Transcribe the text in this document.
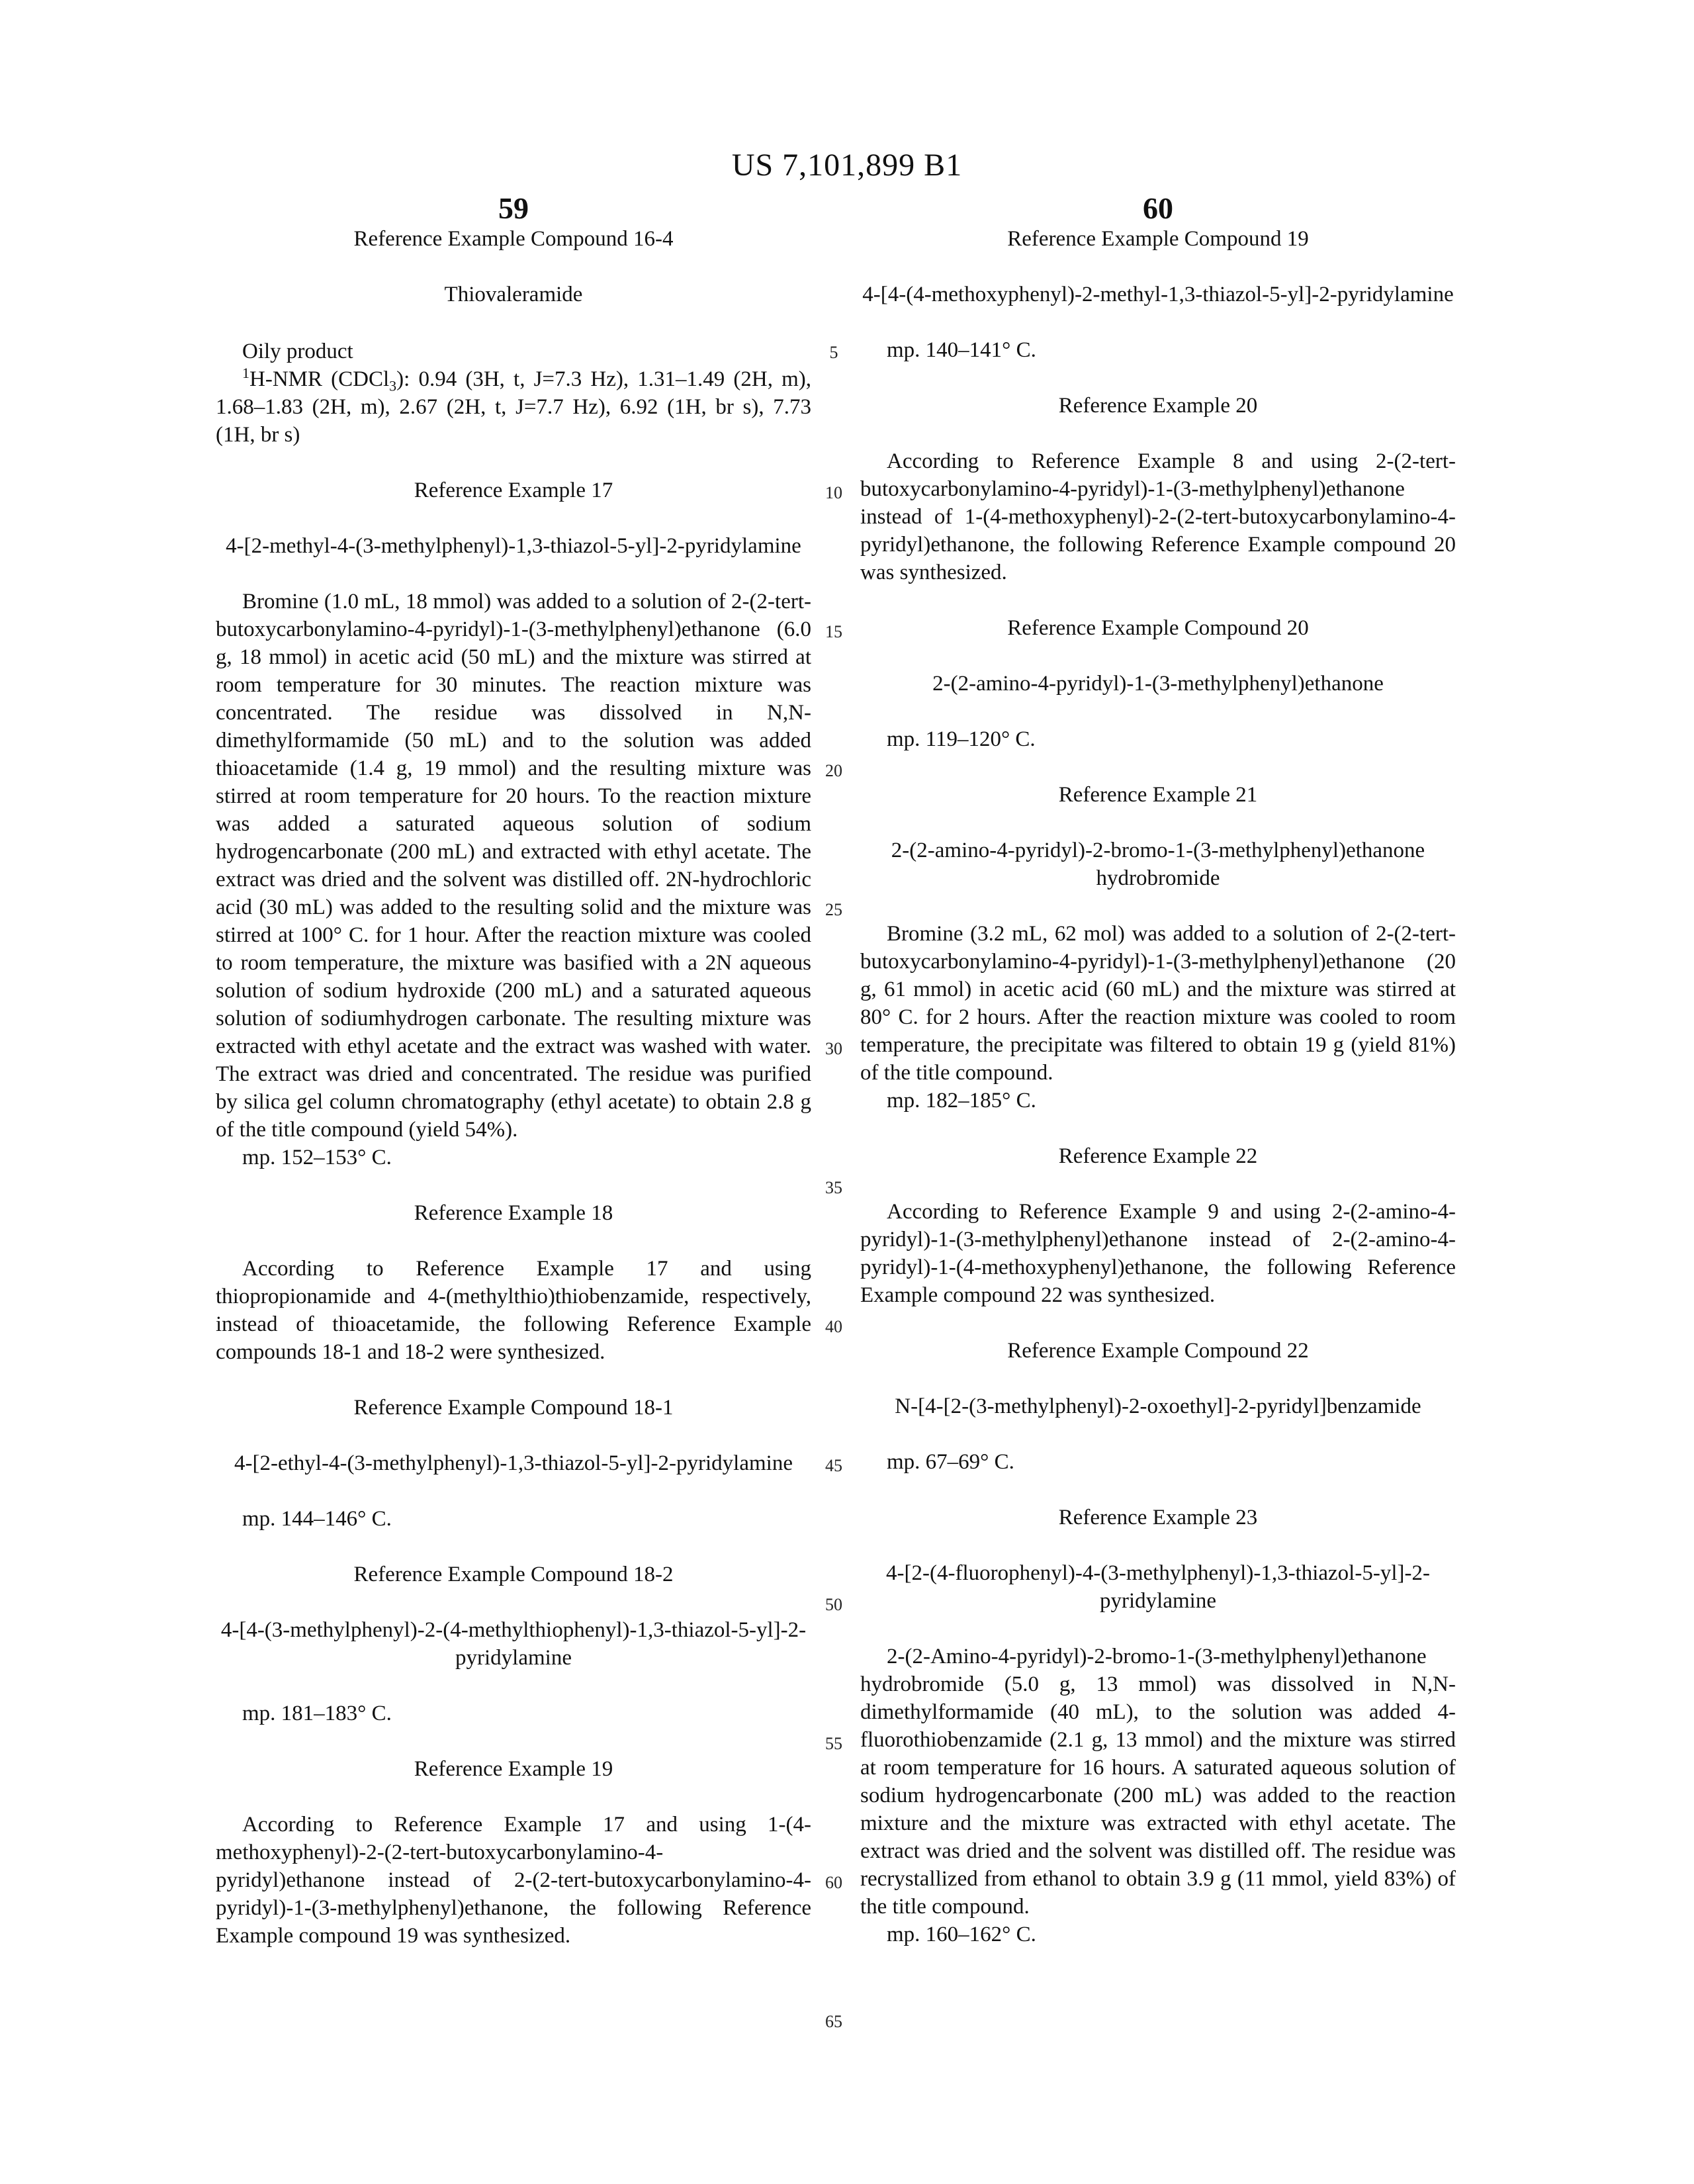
US 7,101,899 B1
59	60

Reference Example Compound 16-4

Thiovaleramide

Oily product

1H-NMR (CDCl3): 0.94 (3H, t, J=7.3 Hz), 1.31–1.49 (2H, m), 1.68–1.83 (2H, m), 2.67 (2H, t, J=7.7 Hz), 6.92 (1H, br s), 7.73 (1H, br s)

Reference Example 17

4-[2-methyl-4-(3-methylphenyl)-1,3-thiazol-5-yl]-2-pyridylamine

Bromine (1.0 mL, 18 mmol) was added to a solution of 2-(2-tert-butoxycarbonylamino-4-pyridyl)-1-(3-methylphenyl)ethanone (6.0 g, 18 mmol) in acetic acid (50 mL) and the mixture was stirred at room temperature for 30 minutes. The reaction mixture was concentrated. The residue was dissolved in N,N-dimethylformamide (50 mL) and to the solution was added thioacetamide (1.4 g, 19 mmol) and the resulting mixture was stirred at room temperature for 20 hours. To the reaction mixture was added a saturated aqueous solution of sodium hydrogencarbonate (200 mL) and extracted with ethyl acetate. The extract was dried and the solvent was distilled off. 2N-hydrochloric acid (30 mL) was added to the resulting solid and the mixture was stirred at 100° C. for 1 hour. After the reaction mixture was cooled to room temperature, the mixture was basified with a 2N aqueous solution of sodium hydroxide (200 mL) and a saturated aqueous solution of sodiumhydrogen carbonate. The resulting mixture was extracted with ethyl acetate and the extract was washed with water. The extract was dried and concentrated. The residue was purified by silica gel column chromatography (ethyl acetate) to obtain 2.8 g of the title compound (yield 54%).

mp. 152–153° C.

Reference Example 18

According to Reference Example 17 and using thiopropionamide and 4-(methylthio)thiobenzamide, respectively, instead of thioacetamide, the following Reference Example compounds 18-1 and 18-2 were synthesized.

Reference Example Compound 18-1

4-[2-ethyl-4-(3-methylphenyl)-1,3-thiazol-5-yl]-2-pyridylamine

mp. 144–146° C.

Reference Example Compound 18-2

4-[4-(3-methylphenyl)-2-(4-methylthiophenyl)-1,3-thiazol-5-yl]-2-pyridylamine

mp. 181–183° C.

Reference Example 19

According to Reference Example 17 and using 1-(4-methoxyphenyl)-2-(2-tert-butoxycarbonylamino-4-pyridyl)ethanone instead of 2-(2-tert-butoxycarbonylamino-4-pyridyl)-1-(3-methylphenyl)ethanone, the following Reference Example compound 19 was synthesized.

5
10
15
20
25
30
35
40
45
50
55
60
65

Reference Example Compound 19

4-[4-(4-methoxyphenyl)-2-methyl-1,3-thiazol-5-yl]-2-pyridylamine

mp. 140–141° C.

Reference Example 20

According to Reference Example 8 and using 2-(2-tert-butoxycarbonylamino-4-pyridyl)-1-(3-methylphenyl)ethanone instead of 1-(4-methoxyphenyl)-2-(2-tert-butoxycarbonylamino-4-pyridyl)ethanone, the following Reference Example compound 20 was synthesized.

Reference Example Compound 20

2-(2-amino-4-pyridyl)-1-(3-methylphenyl)ethanone

mp. 119–120° C.

Reference Example 21

2-(2-amino-4-pyridyl)-2-bromo-1-(3-methylphenyl)ethanone hydrobromide

Bromine (3.2 mL, 62 mol) was added to a solution of 2-(2-tert-butoxycarbonylamino-4-pyridyl)-1-(3-methylphenyl)ethanone (20 g, 61 mmol) in acetic acid (60 mL) and the mixture was stirred at 80° C. for 2 hours. After the reaction mixture was cooled to room temperature, the precipitate was filtered to obtain 19 g (yield 81%) of the title compound.

mp. 182–185° C.

Reference Example 22

According to Reference Example 9 and using 2-(2-amino-4-pyridyl)-1-(3-methylphenyl)ethanone instead of 2-(2-amino-4-pyridyl)-1-(4-methoxyphenyl)ethanone, the following Reference Example compound 22 was synthesized.

Reference Example Compound 22

N-[4-[2-(3-methylphenyl)-2-oxoethyl]-2-pyridyl]benzamide

mp. 67–69° C.

Reference Example 23

4-[2-(4-fluorophenyl)-4-(3-methylphenyl)-1,3-thiazol-5-yl]-2-pyridylamine

2-(2-Amino-4-pyridyl)-2-bromo-1-(3-methylphenyl)ethanone hydrobromide (5.0 g, 13 mmol) was dissolved in N,N-dimethylformamide (40 mL), to the solution was added 4-fluorothiobenzamide (2.1 g, 13 mmol) and the mixture was stirred at room temperature for 16 hours. A saturated aqueous solution of sodium hydrogencarbonate (200 mL) was added to the reaction mixture and the mixture was extracted with ethyl acetate. The extract was dried and the solvent was distilled off. The residue was recrystallized from ethanol to obtain 3.9 g (11 mmol, yield 83%) of the title compound.

mp. 160–162° C.
